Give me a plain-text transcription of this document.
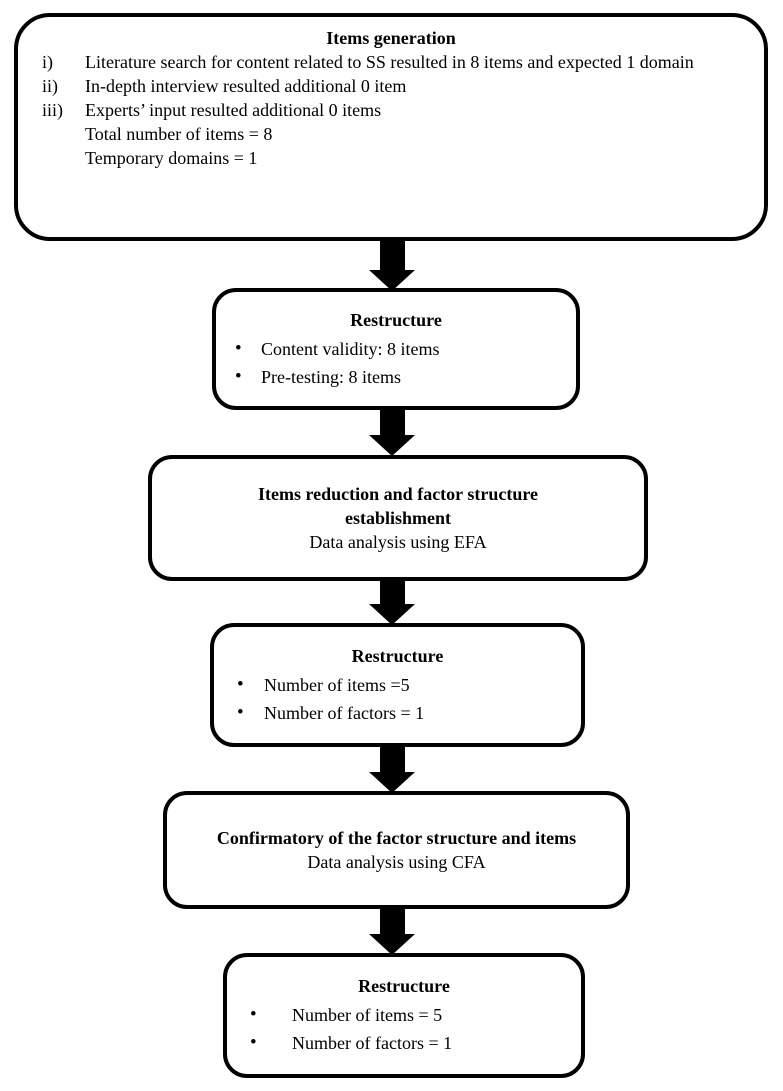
Items generation
i)	Literature search for content related to SS resulted in 8 items and expected 1 domain
ii)	In-depth interview resulted additional 0 item
iii)	Experts’ input resulted additional 0 items
Total number of items = 8
Temporary domains = 1
Restructure
•	Content validity: 8 items
•	Pre-testing: 8 items
Items reduction and factor structure establishment
Data analysis using EFA
Restructure
•	Number of items =5
•	Number of factors = 1
Confirmatory of the factor structure and items
Data analysis using CFA
Restructure
•	Number of items = 5
•	Number of factors = 1
